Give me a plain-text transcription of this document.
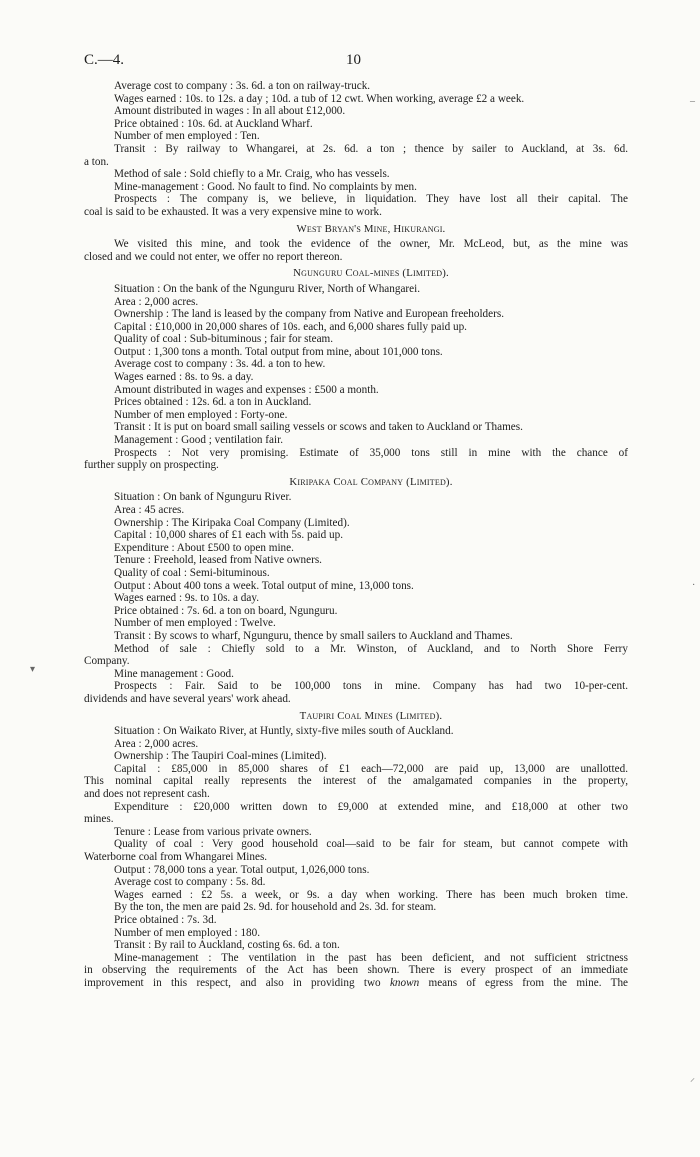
C.—4.	10
Average cost to company : 3s. 6d. a ton on railway-truck.
Wages earned : 10s. to 12s. a day ; 10d. a tub of 12 cwt. When working, average £2 a week.
Amount distributed in wages : In all about £12,000.
Price obtained : 10s. 6d. at Auckland Wharf.
Number of men employed : Ten.
Transit : By railway to Whangarei, at 2s. 6d. a ton ; thence by sailer to Auckland, at 3s. 6d.
a ton.
Method of sale : Sold chiefly to a Mr. Craig, who has vessels.
Mine-management : Good. No fault to find. No complaints by men.
Prospects : The company is, we believe, in liquidation. They have lost all their capital. The
coal is said to be exhausted. It was a very expensive mine to work.
West Bryan's Mine, Hikurangi.
We visited this mine, and took the evidence of the owner, Mr. McLeod, but, as the mine was
closed and we could not enter, we offer no report thereon.
Ngunguru Coal-mines (Limited).
Situation : On the bank of the Ngunguru River, North of Whangarei.
Area : 2,000 acres.
Ownership : The land is leased by the company from Native and European freeholders.
Capital : £10,000 in 20,000 shares of 10s. each, and 6,000 shares fully paid up.
Quality of coal : Sub-bituminous ; fair for steam.
Output : 1,300 tons a month. Total output from mine, about 101,000 tons.
Average cost to company : 3s. 4d. a ton to hew.
Wages earned : 8s. to 9s. a day.
Amount distributed in wages and expenses : £500 a month.
Prices obtained : 12s. 6d. a ton in Auckland.
Number of men employed : Forty-one.
Transit : It is put on board small sailing vessels or scows and taken to Auckland or Thames.
Management : Good ; ventilation fair.
Prospects : Not very promising. Estimate of 35,000 tons still in mine with the chance of
further supply on prospecting.
Kiripaka Coal Company (Limited).
Situation : On bank of Ngunguru River.
Area : 45 acres.
Ownership : The Kiripaka Coal Company (Limited).
Capital : 10,000 shares of £1 each with 5s. paid up.
Expenditure : About £500 to open mine.
Tenure : Freehold, leased from Native owners.
Quality of coal : Semi-bituminous.
Output : About 400 tons a week. Total output of mine, 13,000 tons.
Wages earned : 9s. to 10s. a day.
Price obtained : 7s. 6d. a ton on board, Ngunguru.
Number of men employed : Twelve.
Transit : By scows to wharf, Ngunguru, thence by small sailers to Auckland and Thames.
Method of sale : Chiefly sold to a Mr. Winston, of Auckland, and to North Shore Ferry
Company.
Mine management : Good.
Prospects : Fair. Said to be 100,000 tons in mine. Company has had two 10-per-cent.
dividends and have several years' work ahead.
Taupiri Coal Mines (Limited).
Situation : On Waikato River, at Huntly, sixty-five miles south of Auckland.
Area : 2,000 acres.
Ownership : The Taupiri Coal-mines (Limited).
Capital : £85,000 in 85,000 shares of £1 each—72,000 are paid up, 13,000 are unallotted.
This nominal capital really represents the interest of the amalgamated companies in the property,
and does not represent cash.
Expenditure : £20,000 written down to £9,000 at extended mine, and £18,000 at other two
mines.
Tenure : Lease from various private owners.
Quality of coal : Very good household coal—said to be fair for steam, but cannot compete with
Waterborne coal from Whangarei Mines.
Output : 78,000 tons a year. Total output, 1,026,000 tons.
Average cost to company : 5s. 8d.
Wages earned : £2 5s. a week, or 9s. a day when working. There has been much broken time.
By the ton, the men are paid 2s. 9d. for household and 2s. 3d. for steam.
Price obtained : 7s. 3d.
Number of men employed : 180.
Transit : By rail to Auckland, costing 6s. 6d. a ton.
Mine-management : The ventilation in the past has been deficient, and not sufficient strictness
in observing the requirements of the Act has been shown. There is every prospect of an immediate
improvement in this respect, and also in providing two known means of egress from the mine. The
–
·
▾
⸝
